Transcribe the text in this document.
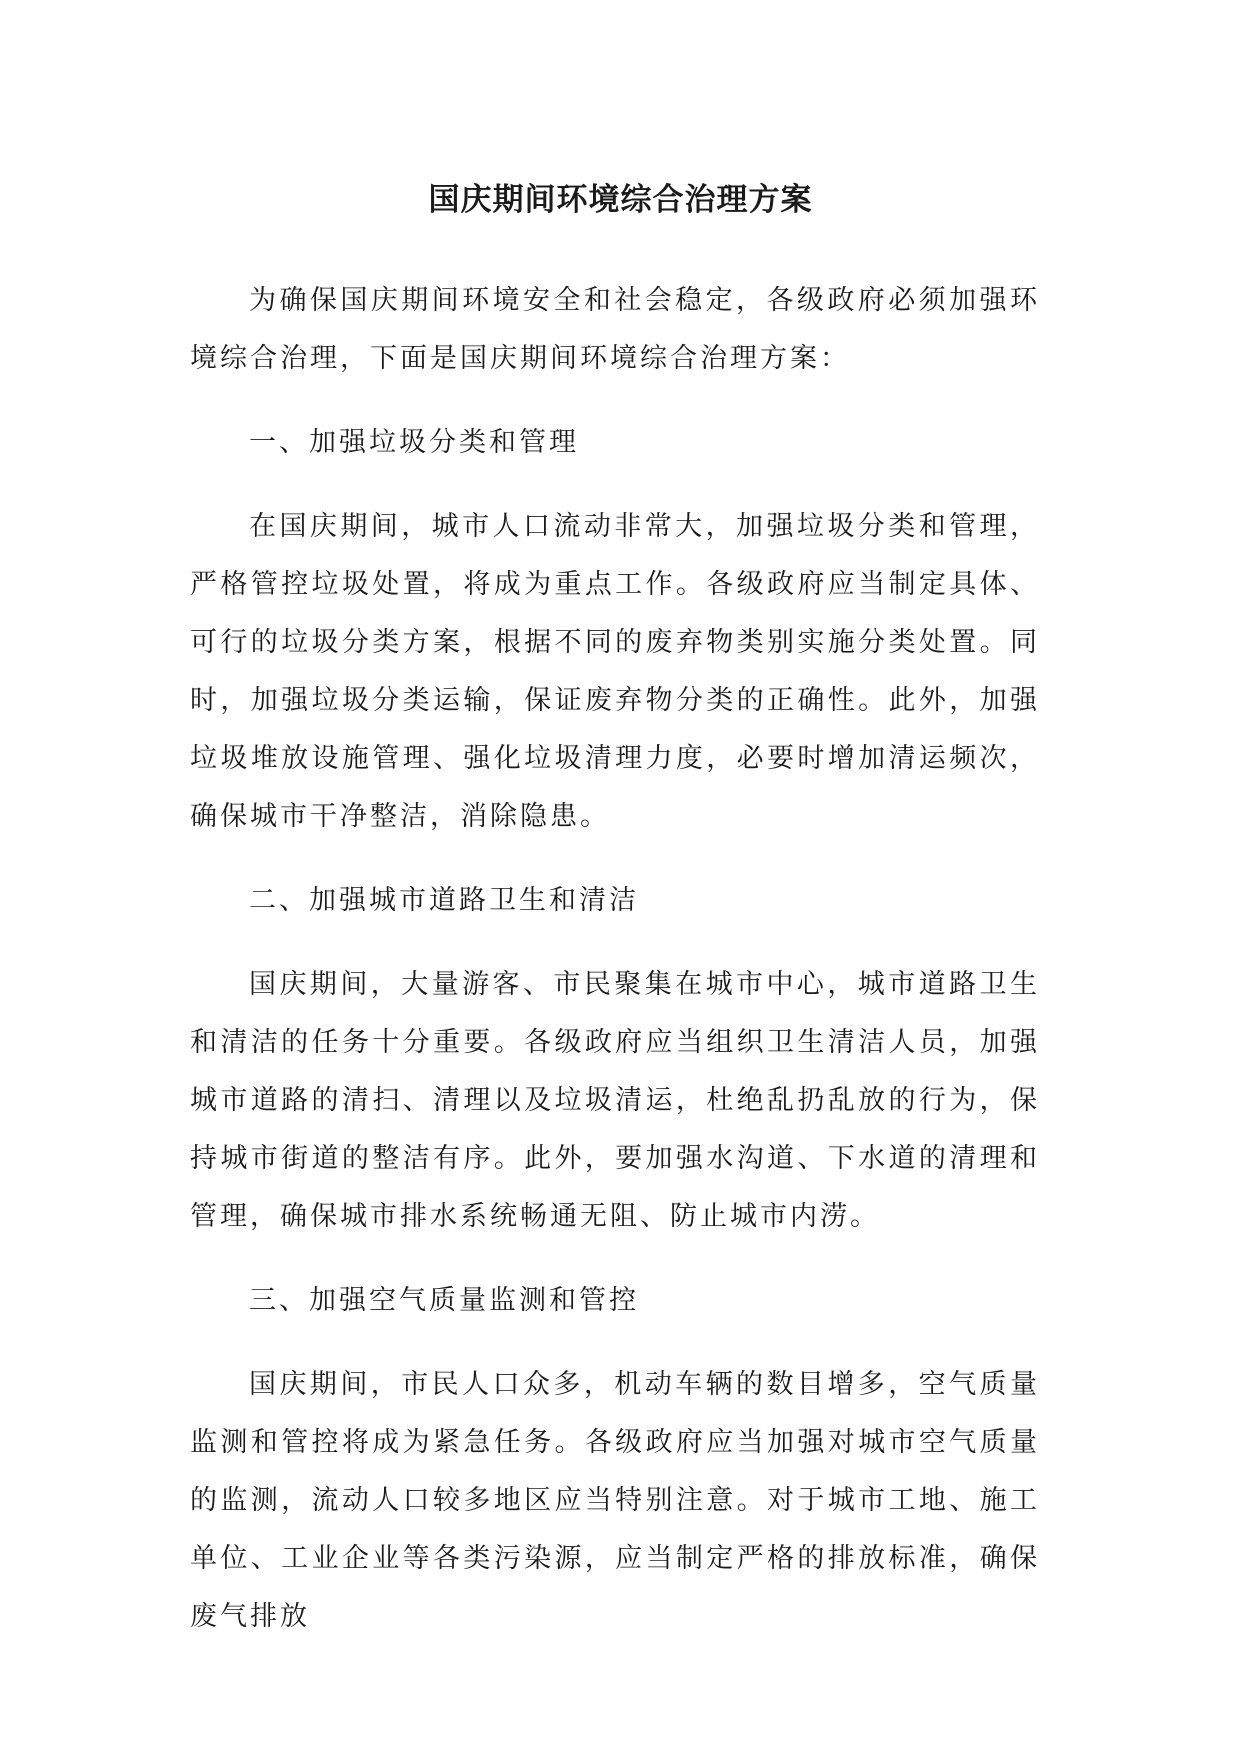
国庆期间环境综合治理方案

为确保国庆期间环境安全和社会稳定，各级政府必须加强环境综合治理，下面是国庆期间环境综合治理方案：

一、加强垃圾分类和管理

在国庆期间，城市人口流动非常大，加强垃圾分类和管理，严格管控垃圾处置，将成为重点工作。各级政府应当制定具体、可行的垃圾分类方案，根据不同的废弃物类别实施分类处置。同时，加强垃圾分类运输，保证废弃物分类的正确性。此外，加强垃圾堆放设施管理、强化垃圾清理力度，必要时增加清运频次，确保城市干净整洁，消除隐患。

二、加强城市道路卫生和清洁

国庆期间，大量游客、市民聚集在城市中心，城市道路卫生和清洁的任务十分重要。各级政府应当组织卫生清洁人员，加强城市道路的清扫、清理以及垃圾清运，杜绝乱扔乱放的行为，保持城市街道的整洁有序。此外，要加强水沟道、下水道的清理和管理，确保城市排水系统畅通无阻、防止城市内涝。

三、加强空气质量监测和管控

国庆期间，市民人口众多，机动车辆的数目增多，空气质量监测和管控将成为紧急任务。各级政府应当加强对城市空气质量的监测，流动人口较多地区应当特别注意。对于城市工地、施工单位、工业企业等各类污染源，应当制定严格的排放标准，确保废气排放
